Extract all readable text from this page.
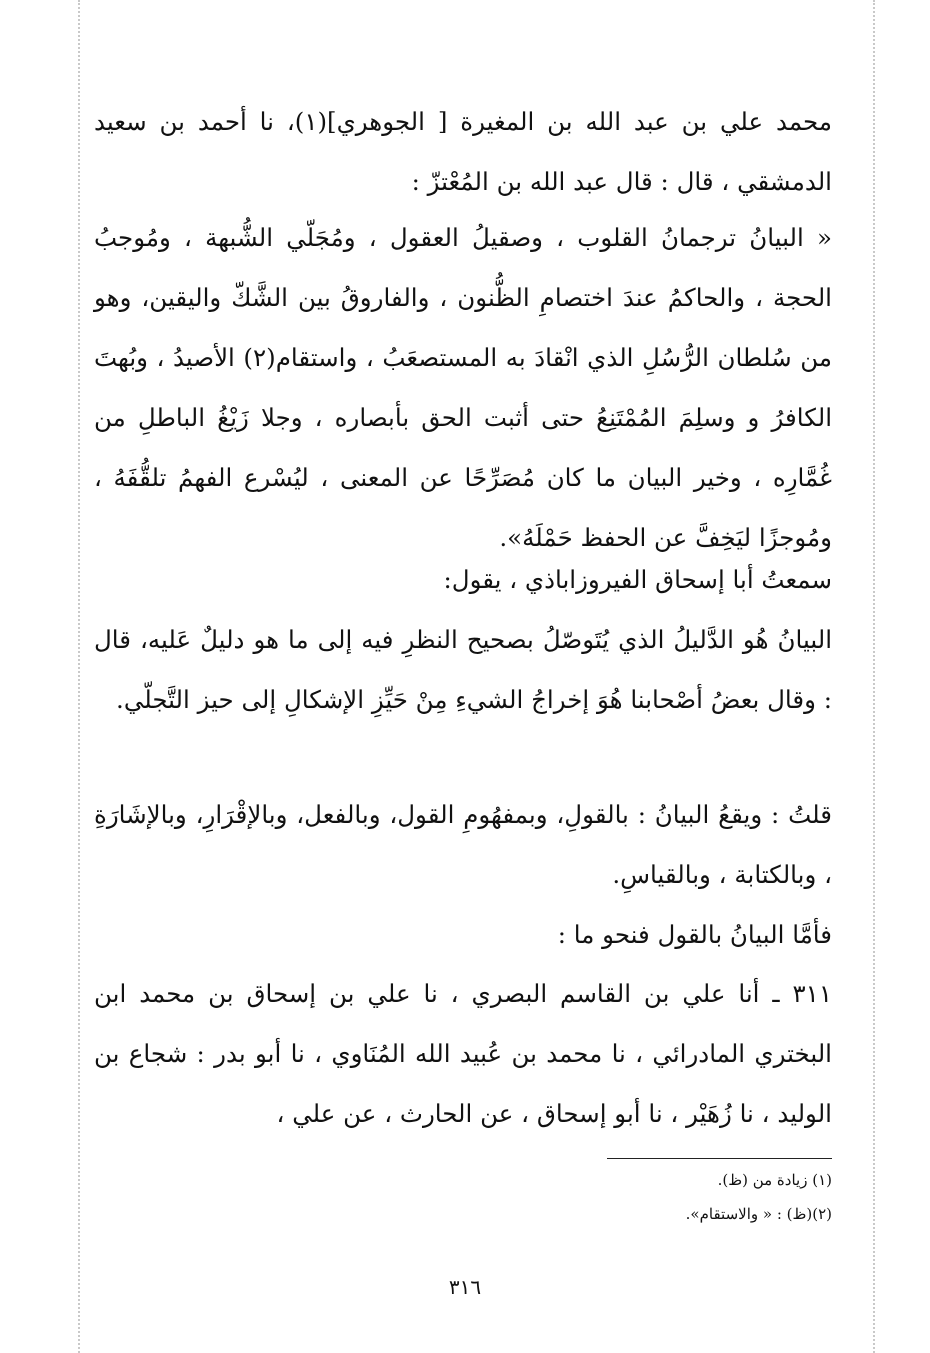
محمد علي بن عبد الله بن المغيرة [ الجوهري](١)، نا أحمد بن سعيد الدمشقي ، قال : قال عبد الله بن المُعْتزّ :

« البيانُ ترجمانُ القلوب ، وصقيلُ العقول ، ومُجَلّي الشُّبهة ، ومُوجبُ الحجة ، والحاكمُ عندَ اختصامِ الظُّنون ، والفاروقُ بين الشَّكّ واليقين، وهو من سُلطان الرُّسُلِ الذي انْقادَ به المستصعَبُ ، واستقام(٢) الأصيدُ ، وبُهتَ الكافرُ و وسلِمَ المُمْتَنِعُ حتى أثبت الحق بأبصاره ، وجلا زَيْغُ الباطلِ من غُمَّارِه ، وخير البيان ما كان مُصَرِّحًا عن المعنى ، ليُسْرع الفهمُ تلقُّفَهُ ، ومُوجزًا ليَخِفَّ عن الحفظ حَمْلَهُ».

سمعتُ أبا إسحاق الفيروزاباذي ، يقول:

البيانُ هُو الدَّليلُ الذي يُتَوصّلُ بصحيح النظرِ فيه إلى ما هو دليلٌ عَليه، قال : وقال بعضُ أصْحابنا هُوَ إخراجُ الشيءِ مِنْ حَيِّزِ الإشكالِ إلى حيز التَّجلّي.

قلتُ : ويقعُ البيانُ : بالقولِ، وبمفهُومِ القول، وبالفعل، وبالإقْرَارِ، وبالإشَارَةِ ، وبالكتابة ، وبالقياسِ.

فأمَّا البيانُ بالقول فنحو ما :

٣١١ ـ أنا علي بن القاسم البصري ، نا علي بن إسحاق بن محمد ابن البختري المادرائي ، نا محمد بن عُبيد الله المُنَاوي ، نا أبو بدر : شجاع بن الوليد ، نا زُهَيْر ، نا أبو إسحاق ، عن الحارث ، عن علي ،

(١) زيادة من (ظ).
(٢)(ظ) : « والاستقام».
٣١٦
